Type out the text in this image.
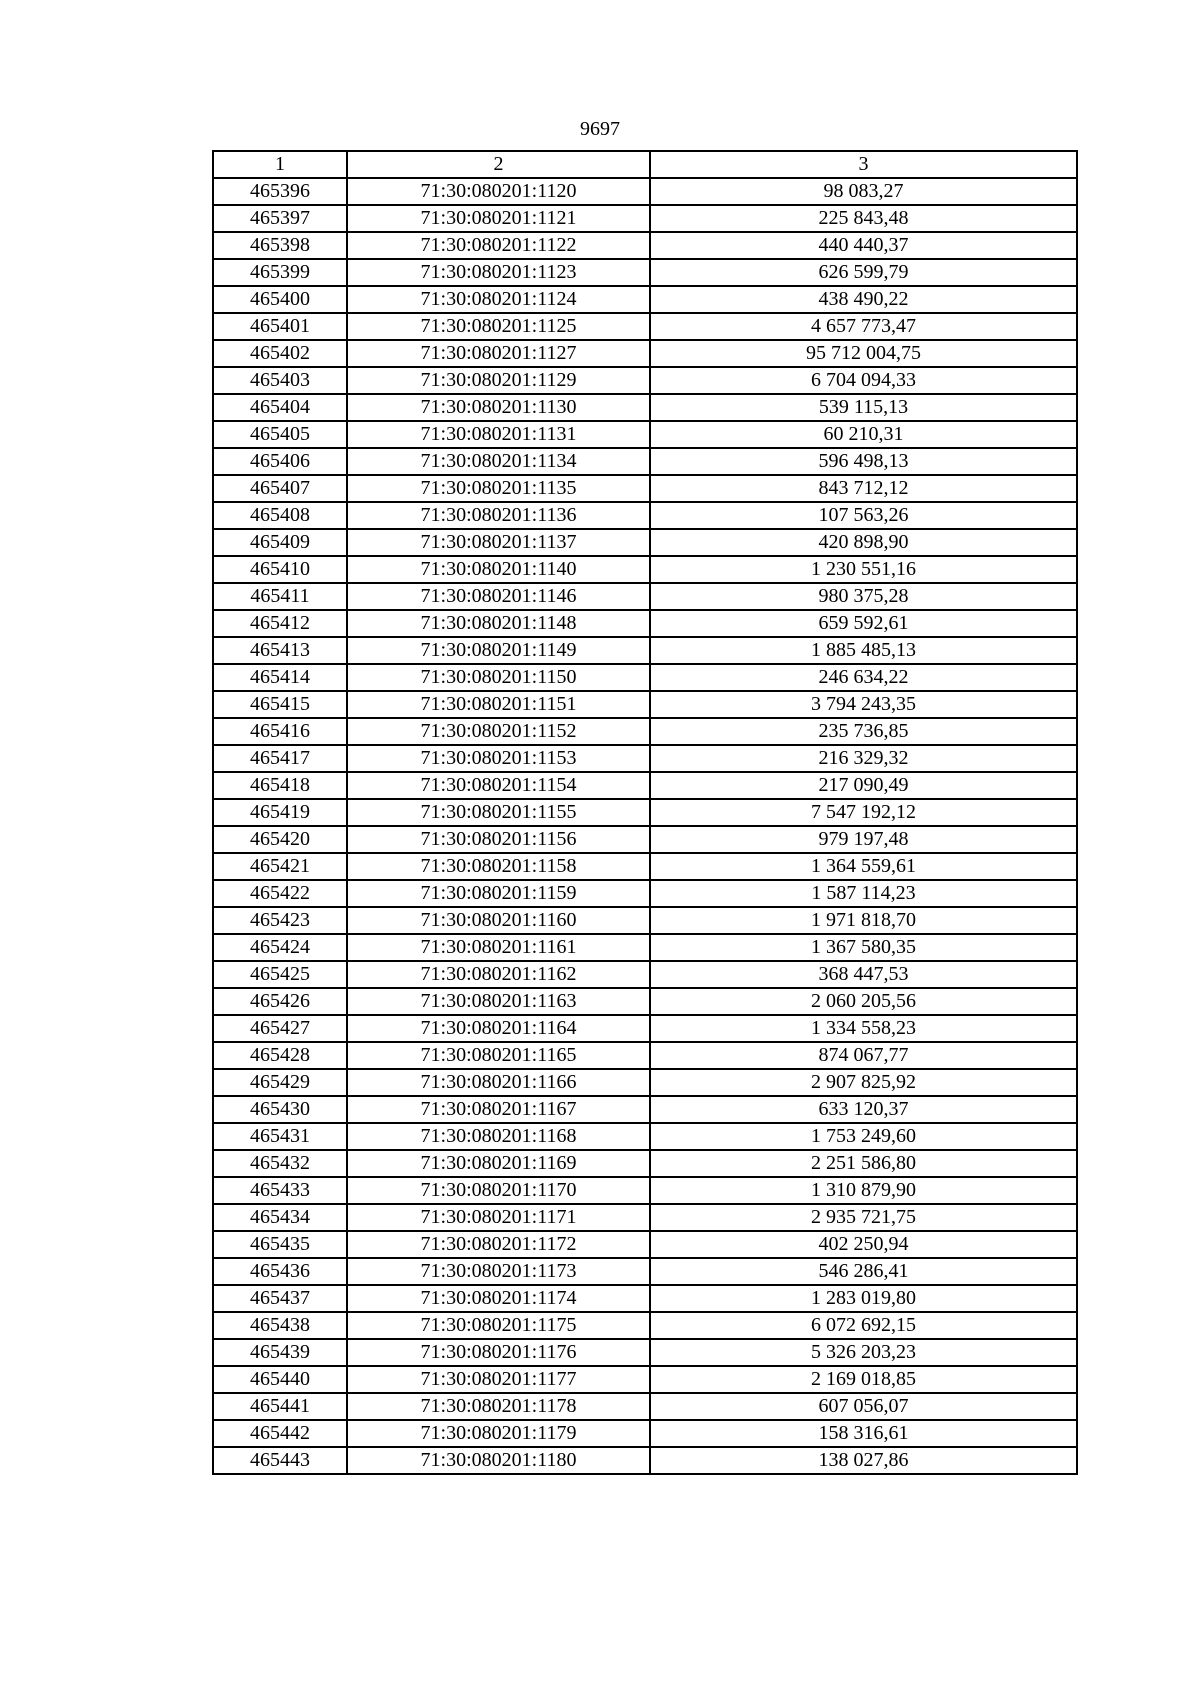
9697
1	2	3
465396	71:30:080201:1120	98 083,27
465397	71:30:080201:1121	225 843,48
465398	71:30:080201:1122	440 440,37
465399	71:30:080201:1123	626 599,79
465400	71:30:080201:1124	438 490,22
465401	71:30:080201:1125	4 657 773,47
465402	71:30:080201:1127	95 712 004,75
465403	71:30:080201:1129	6 704 094,33
465404	71:30:080201:1130	539 115,13
465405	71:30:080201:1131	60 210,31
465406	71:30:080201:1134	596 498,13
465407	71:30:080201:1135	843 712,12
465408	71:30:080201:1136	107 563,26
465409	71:30:080201:1137	420 898,90
465410	71:30:080201:1140	1 230 551,16
465411	71:30:080201:1146	980 375,28
465412	71:30:080201:1148	659 592,61
465413	71:30:080201:1149	1 885 485,13
465414	71:30:080201:1150	246 634,22
465415	71:30:080201:1151	3 794 243,35
465416	71:30:080201:1152	235 736,85
465417	71:30:080201:1153	216 329,32
465418	71:30:080201:1154	217 090,49
465419	71:30:080201:1155	7 547 192,12
465420	71:30:080201:1156	979 197,48
465421	71:30:080201:1158	1 364 559,61
465422	71:30:080201:1159	1 587 114,23
465423	71:30:080201:1160	1 971 818,70
465424	71:30:080201:1161	1 367 580,35
465425	71:30:080201:1162	368 447,53
465426	71:30:080201:1163	2 060 205,56
465427	71:30:080201:1164	1 334 558,23
465428	71:30:080201:1165	874 067,77
465429	71:30:080201:1166	2 907 825,92
465430	71:30:080201:1167	633 120,37
465431	71:30:080201:1168	1 753 249,60
465432	71:30:080201:1169	2 251 586,80
465433	71:30:080201:1170	1 310 879,90
465434	71:30:080201:1171	2 935 721,75
465435	71:30:080201:1172	402 250,94
465436	71:30:080201:1173	546 286,41
465437	71:30:080201:1174	1 283 019,80
465438	71:30:080201:1175	6 072 692,15
465439	71:30:080201:1176	5 326 203,23
465440	71:30:080201:1177	2 169 018,85
465441	71:30:080201:1178	607 056,07
465442	71:30:080201:1179	158 316,61
465443	71:30:080201:1180	138 027,86
